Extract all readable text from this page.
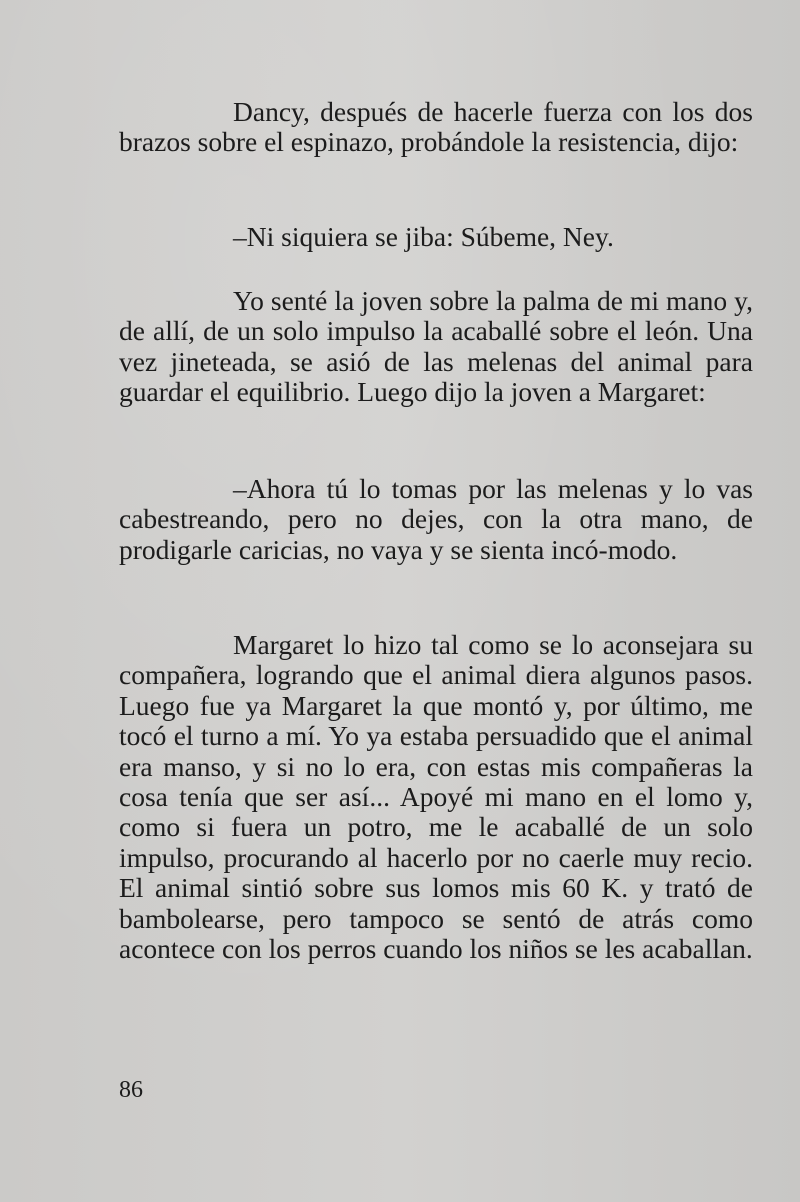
Dancy, después de hacerle fuerza con los dos brazos sobre el espinazo, probándole la resistencia, dijo:

–Ni siquiera se jiba: Súbeme, Ney.

Yo senté la joven sobre la palma de mi mano y, de allí, de un solo impulso la acaballé sobre el león. Una vez jineteada, se asió de las melenas del animal para guardar el equilibrio. Luego dijo la joven a Margaret:

–Ahora tú lo tomas por las melenas y lo vas cabestreando, pero no dejes, con la otra mano, de prodigarle caricias, no vaya y se sienta incó-modo.

Margaret lo hizo tal como se lo aconsejara su compañera, logrando que el animal diera algunos pasos. Luego fue ya Margaret la que montó y, por último, me tocó el turno a mí. Yo ya estaba persuadido que el animal era manso, y si no lo era, con estas mis compañeras la cosa tenía que ser así... Apoyé mi mano en el lomo y, como si fuera un potro, me le acaballé de un solo impulso, procurando al hacerlo por no caerle muy recio. El animal sintió sobre sus lomos mis 60 K. y trató de bambolearse, pero tampoco se sentó de atrás como acontece con los perros cuando los niños se les acaballan.

86
